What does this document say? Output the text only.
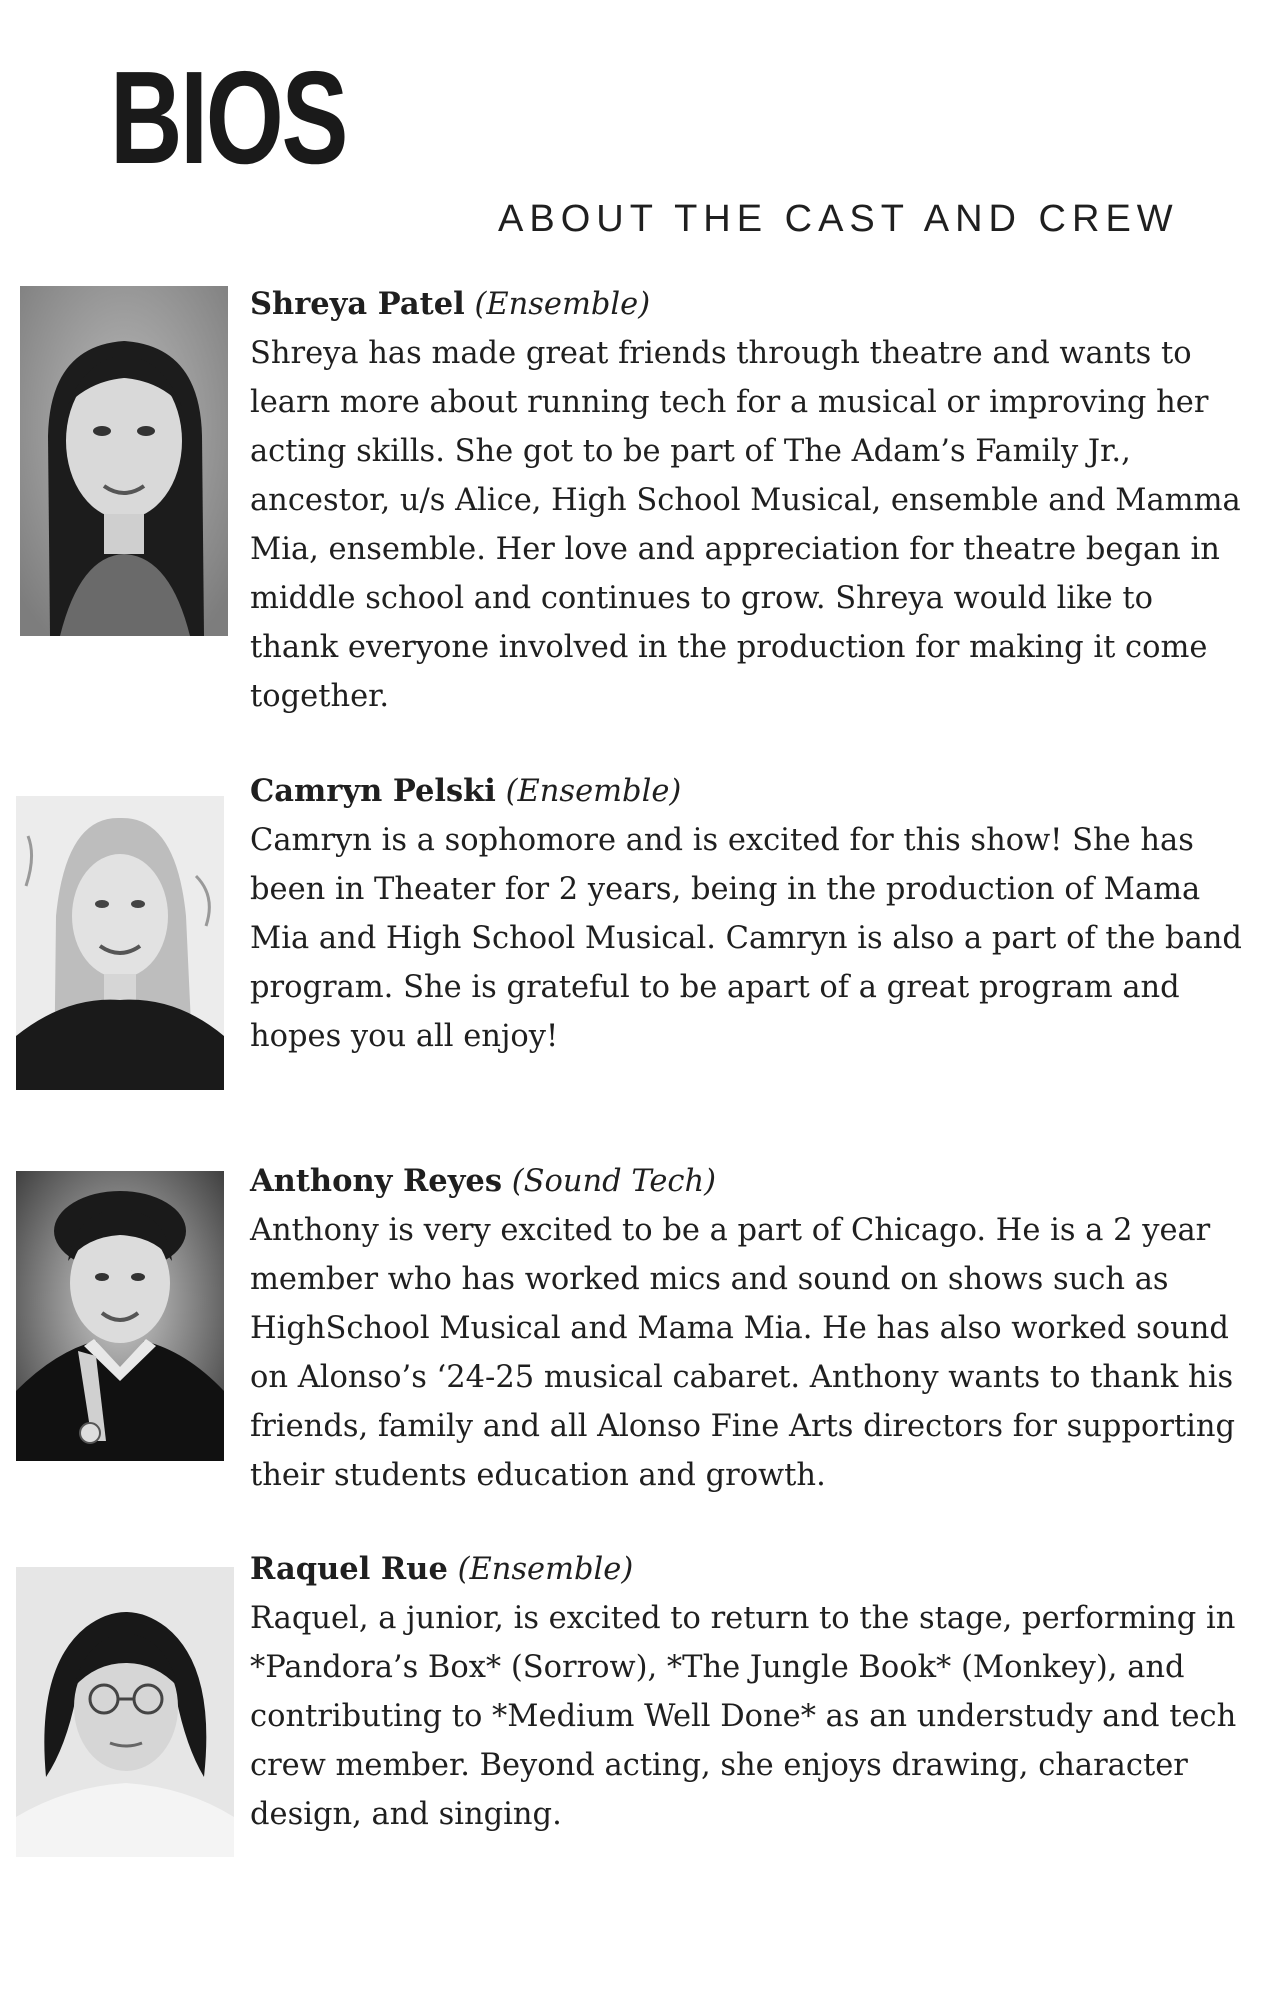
BIOS
ABOUT THE CAST AND CREW
Shreya Patel (Ensemble)
Shreya has made great friends through theatre and wants to learn more about running tech for a musical or improving her acting skills. She got to be part of The Adam’s Family Jr., ancestor, u/s Alice, High School Musical, ensemble and Mamma Mia, ensemble. Her love and appreciation for theatre began in middle school and continues to grow. Shreya would like to thank everyone involved in the production for making it come together.
Camryn Pelski (Ensemble)
Camryn is a sophomore and is excited for this show! She has been in Theater for 2 years, being in the production of Mama Mia and High School Musical. Camryn is also a part of the band program. She is grateful to be apart of a great program and hopes you all enjoy!
Anthony Reyes (Sound Tech)
Anthony is very excited to be a part of Chicago. He is a 2 year member who has worked mics and sound on shows such as HighSchool Musical and Mama Mia. He has also worked sound on Alonso’s ‘24-25 musical cabaret. Anthony wants to thank his friends, family and all Alonso Fine Arts directors for supporting their students education and growth.
Raquel Rue (Ensemble)
Raquel, a junior, is excited to return to the stage, performing in *Pandora’s Box* (Sorrow), *The Jungle Book* (Monkey), and contributing to *Medium Well Done* as an understudy and tech crew member. Beyond acting, she enjoys drawing, character design, and singing.
